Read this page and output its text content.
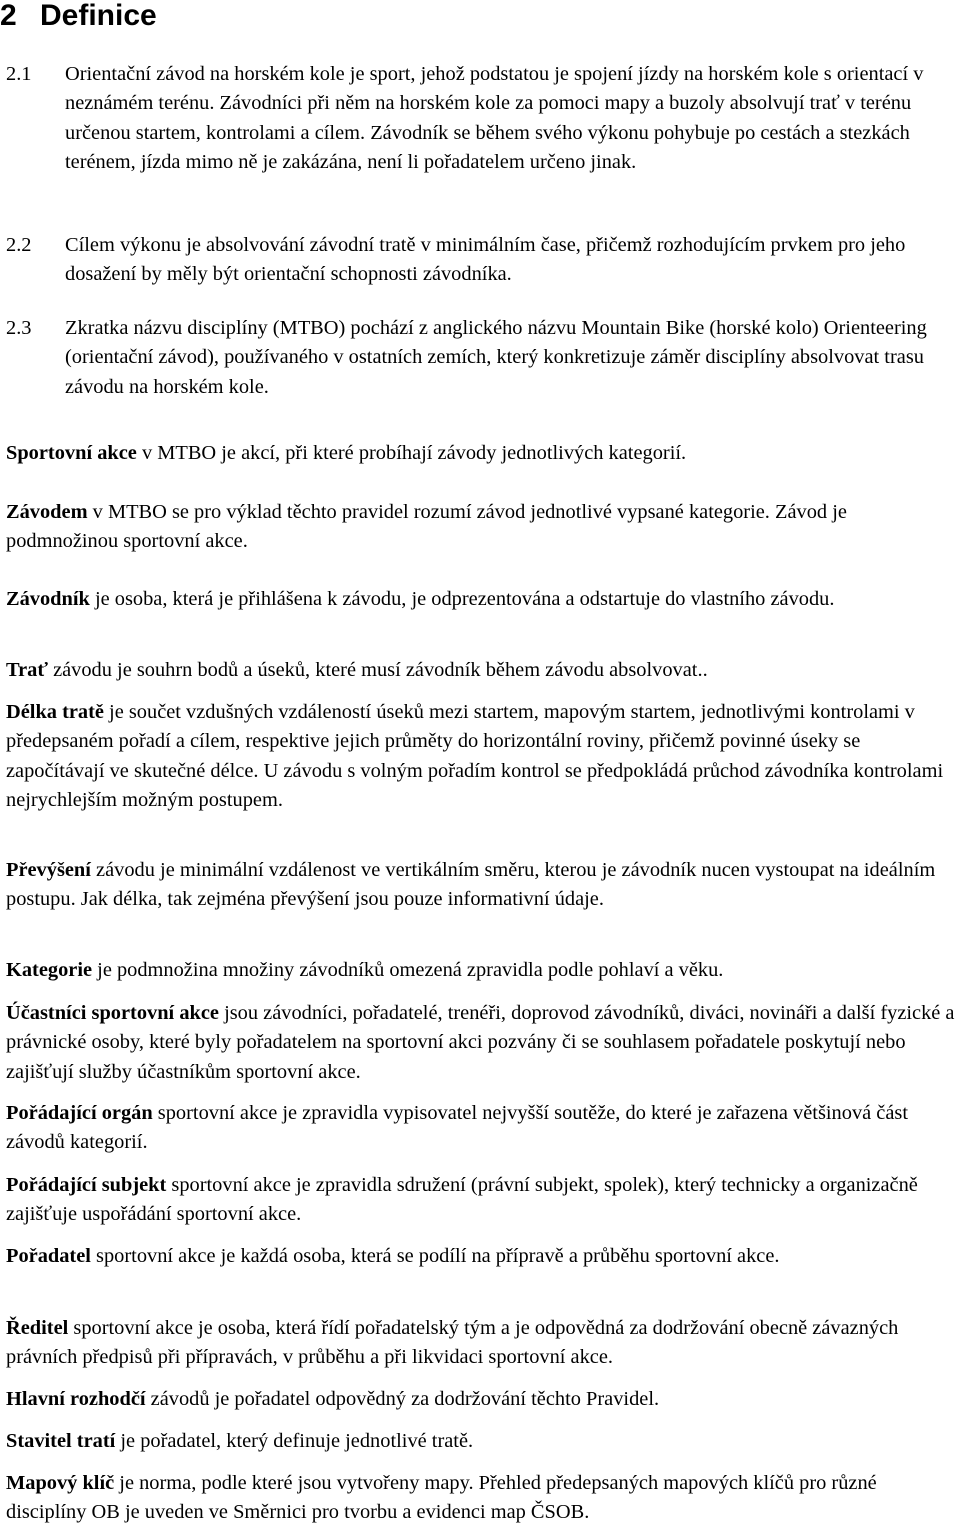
2 Definice
2.1	Orientační závod na horském kole je sport, jehož podstatou je spojení jízdy na horském kole s orientací v neznámém terénu. Závodníci při něm na horském kole za pomoci mapy a buzoly absolvují trať v terénu určenou startem, kontrolami a cílem. Závodník se během svého výkonu pohybuje po cestách a stezkách terénem, jízda mimo ně je zakázána, není li pořadatelem určeno jinak.
2.2	Cílem výkonu je absolvování závodní tratě v minimálním čase, přičemž rozhodujícím prvkem pro jeho dosažení by měly být orientační schopnosti závodníka.
2.3	Zkratka názvu disciplíny (MTBO) pochází z anglického názvu Mountain Bike (horské kolo) Orienteering (orientační závod), používaného v ostatních zemích, který konkretizuje záměr disciplíny absolvovat trasu závodu na horském kole.

Sportovní akce v MTBO je akcí, při které probíhají závody jednotlivých kategorií.

Závodem v MTBO se pro výklad těchto pravidel rozumí závod jednotlivé vypsané kategorie. Závod je podmnožinou sportovní akce.

Závodník je osoba, která je přihlášena k závodu, je odprezentována a odstartuje do vlastního závodu.

Trať závodu je souhrn bodů a úseků, které musí závodník během závodu absolvovat..

Délka tratě je součet vzdušných vzdáleností úseků mezi startem, mapovým startem, jednotlivými kontrolami v předepsaném pořadí a cílem, respektive jejich průměty do horizontální roviny, přičemž povinné úseky se započítávají ve skutečné délce. U závodu s volným pořadím kontrol se předpokládá průchod závodníka kontrolami nejrychlejším možným postupem.

Převýšení závodu je minimální vzdálenost ve vertikálním směru, kterou je závodník nucen vystoupat na ideálním postupu. Jak délka, tak zejména převýšení jsou pouze informativní údaje.

Kategorie je podmnožina množiny závodníků omezená zpravidla podle pohlaví a věku.

Účastníci sportovní akce jsou závodníci, pořadatelé, trenéři, doprovod závodníků, diváci, novináři a další fyzické a právnické osoby, které byly pořadatelem na sportovní akci pozvány či se souhlasem pořadatele poskytují nebo zajišťují služby účastníkům sportovní akce.

Pořádající orgán sportovní akce je zpravidla vypisovatel nejvyšší soutěže, do které je zařazena většinová část závodů kategorií.

Pořádající subjekt sportovní akce je zpravidla sdružení (právní subjekt, spolek), který technicky a organizačně zajišťuje uspořádání sportovní akce.

Pořadatel sportovní akce je každá osoba, která se podílí na přípravě a průběhu sportovní akce.

Ředitel sportovní akce je osoba, která řídí pořadatelský tým a je odpovědná za dodržování obecně závazných právních předpisů při přípravách, v průběhu a při likvidaci sportovní akce.

Hlavní rozhodčí závodů je pořadatel odpovědný za dodržování těchto Pravidel.

Stavitel tratí je pořadatel, který definuje jednotlivé tratě.

Mapový klíč je norma, podle které jsou vytvořeny mapy. Přehled předepsaných mapových klíčů pro různé disciplíny OB je uveden ve Směrnici pro tvorbu a evidenci map ČSOB.
